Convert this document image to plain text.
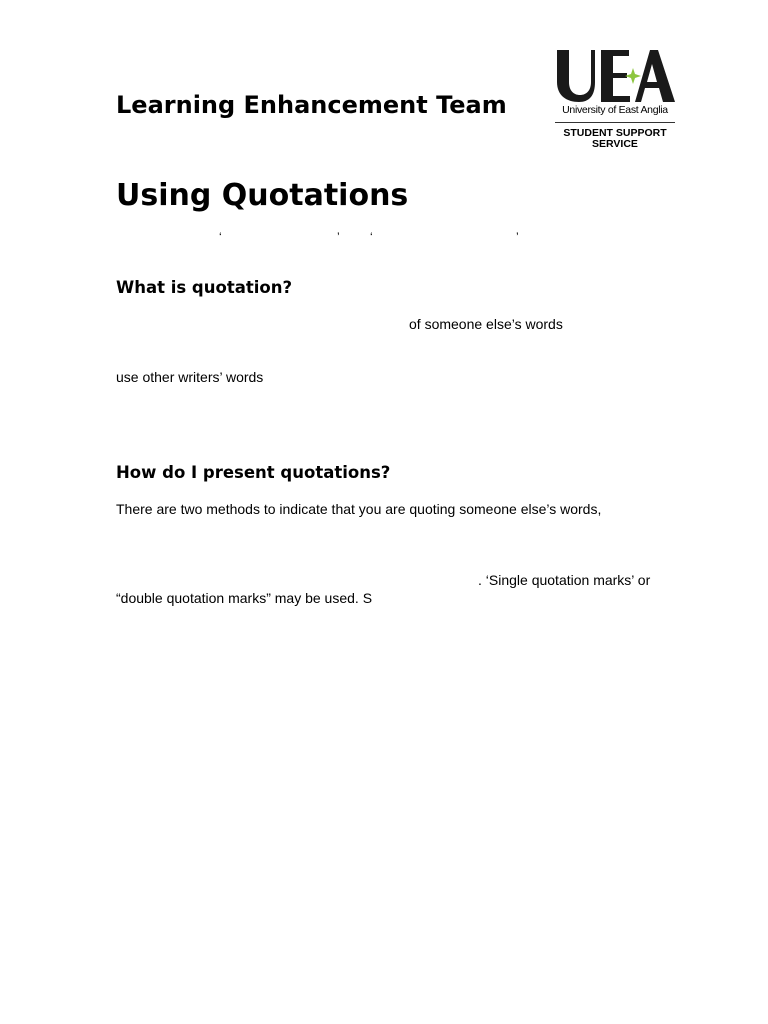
Learning Enhancement Team	University of East Anglia
STUDENT SUPPORT
SERVICE
Using Quotations
‘	’	‘	’
What is quotation?
of someone else’s words
use other writers’ words
How do I present quotations?
There are two methods to indicate that you are quoting someone else’s words,
. ‘Single quotation marks’ or
“double quotation marks” may be used. S
